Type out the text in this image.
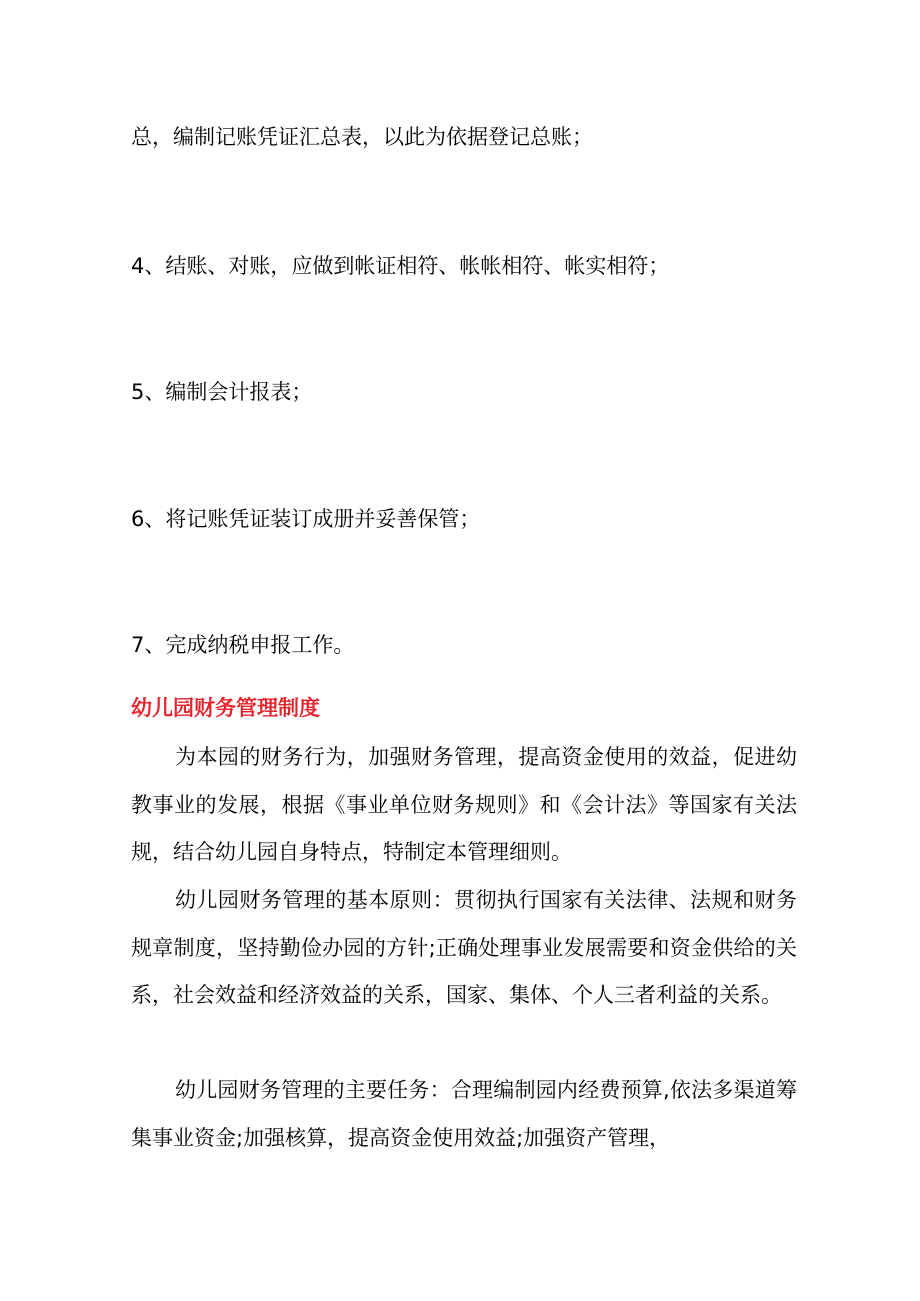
总，编制记账凭证汇总表，以此为依据登记总账；
4、结账、对账，应做到帐证相符、帐帐相符、帐实相符；
5、编制会计报表；
6、将记账凭证装订成册并妥善保管；
7、完成纳税申报工作。
幼儿园财务管理制度

为本园的财务行为，加强财务管理，提高资金使用的效益，促进幼教事业的发展，根据《事业单位财务规则》和《会计法》等国家有关法规，结合幼儿园自身特点，特制定本管理细则。

幼儿园财务管理的基本原则：贯彻执行国家有关法律、法规和财务规章制度，坚持勤俭办园的方针;正确处理事业发展需要和资金供给的关系，社会效益和经济效益的关系，国家、集体、个人三者利益的关系。

幼儿园财务管理的主要任务：合理编制园内经费预算,依法多渠道筹集事业资金;加强核算，提高资金使用效益;加强资产管理，
